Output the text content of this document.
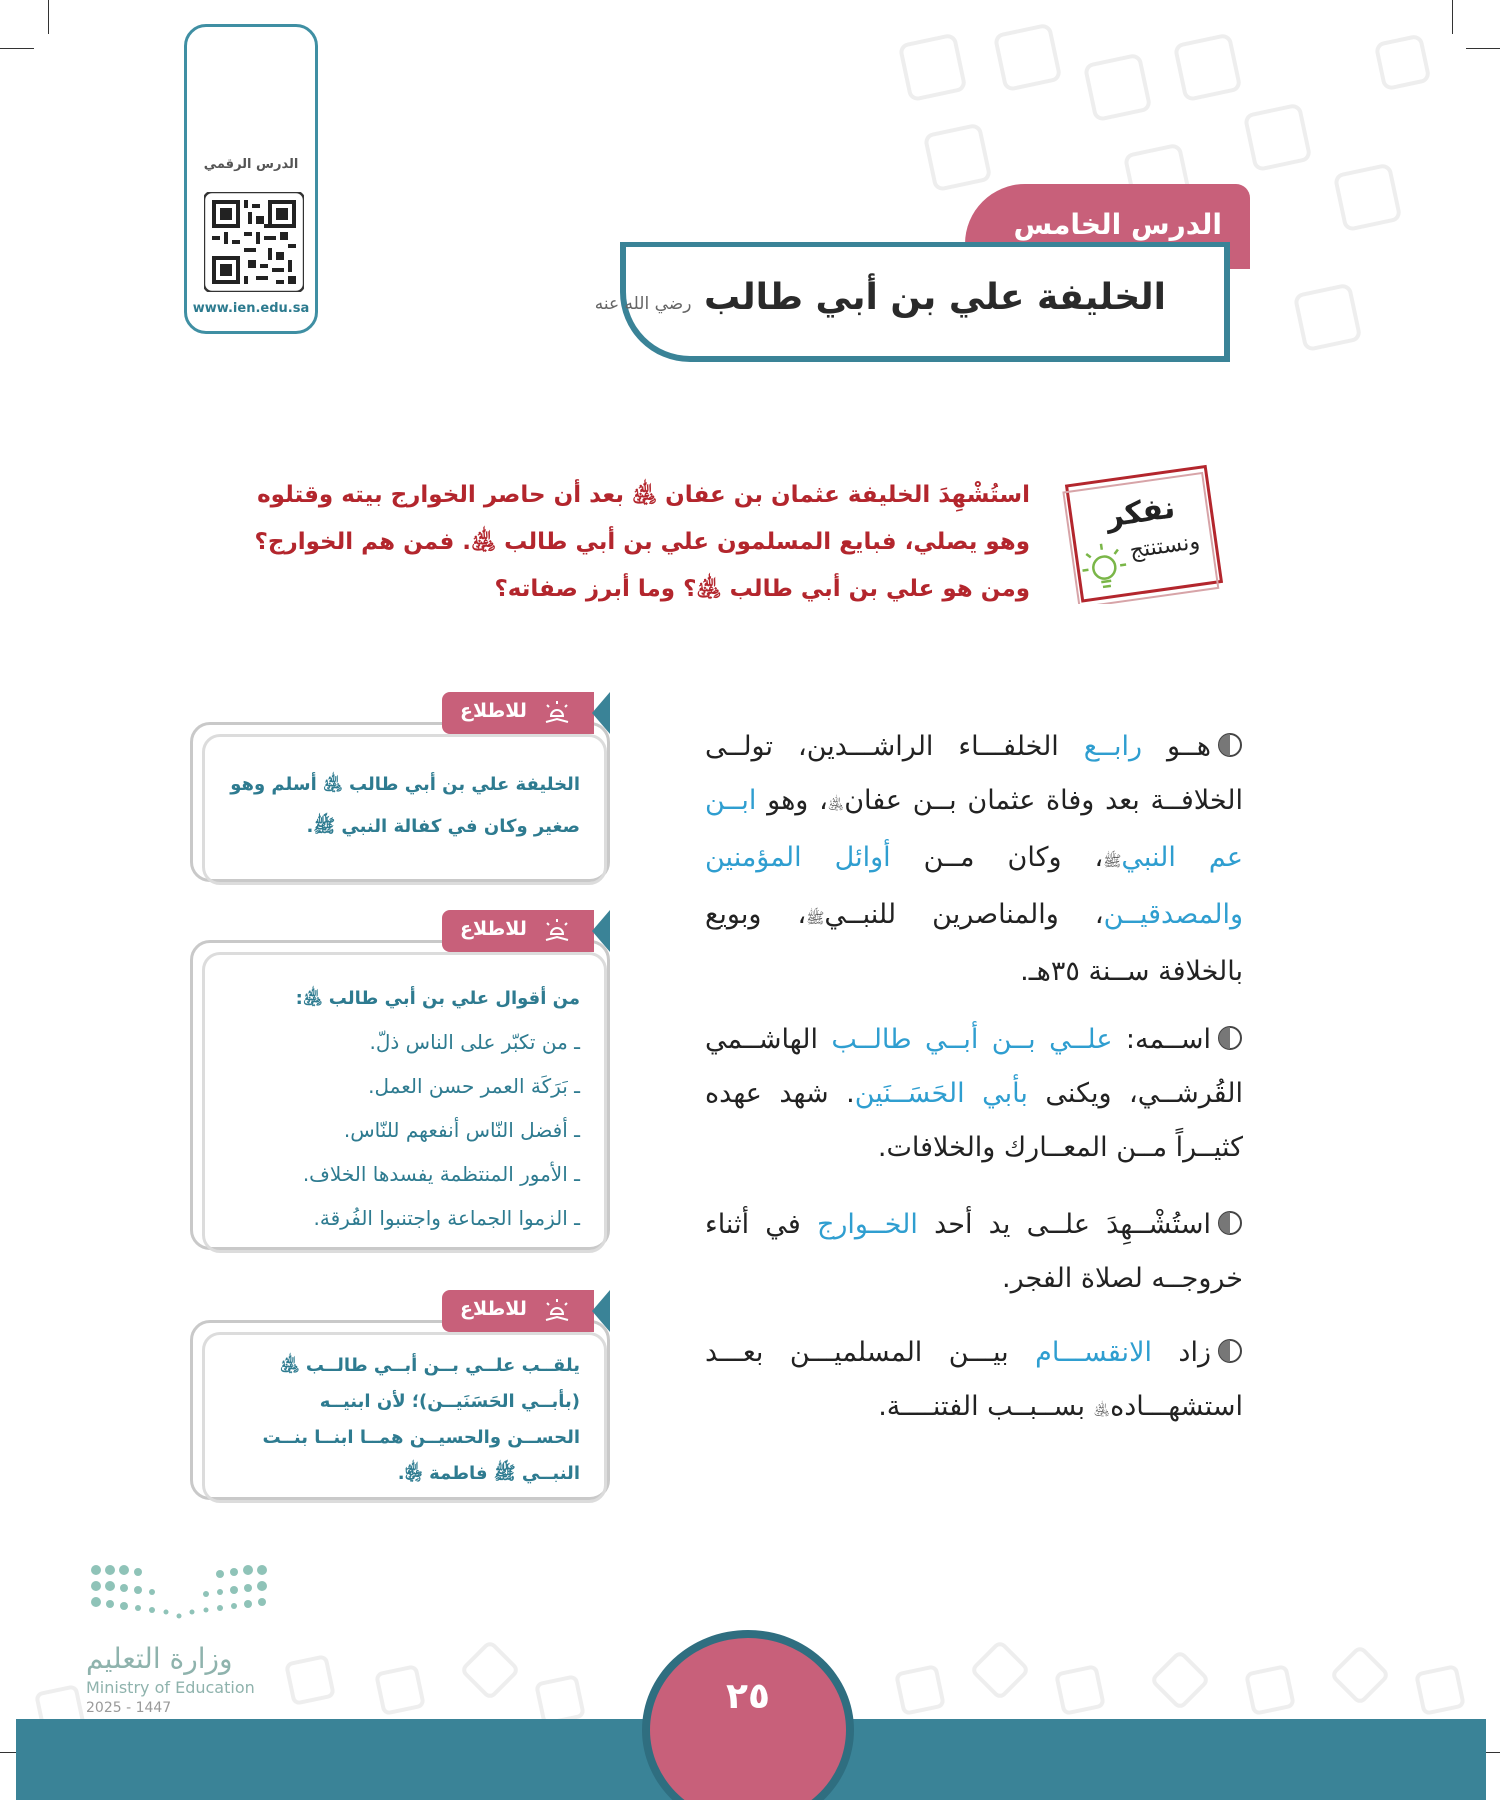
الدرس الرقمي
www.ien.edu.sa
الدرس الخامس
الخليفة علي بن أبي طالب رضي الله عنه
نفكر
ونستنتج
استُشْهِدَ الخليفة عثمان بن عفان ﵁ بعد أن حاصر الخوارج بيته وقتلوه
وهو يصلي، فبايع المسلمون علي بن أبي طالب ﵁. فمن هم الخوارج؟
ومن هو علي بن أبي طالب ﵁؟ وما أبرز صفاته؟
هــو رابــع الخلفـــاء الراشـــدين، تولــى الخلافــة بعد وفاة عثمان بــن عفان﵁، وهو ابــن عم النبيﷺ، وكان مــن أوائل المؤمنين والمصدقيــن، والمناصرين للنبــيﷺ، وبويع بالخلافة ســنة ٣٥هـ.
اســمه: علــي بــن أبــي طالــب الهاشــمي القُرشــي، ويكنى بأبي الحَسَــنَين. شهد عهده كثيــراً مــن المعــارك والخلافات.
استُشْــهِدَ علــى يد أحد الخــوارج في أثناء خروجــه لصلاة الفجر.
زاد الانقســـام بيـــن المسلميـــن بعـــد استشهـــاده﵁ بســبــب الفتنــــة.
للاطلاع
الخليفة علي بن أبي طالب ﵁ أسلم وهو
صغير وكان في كفالة النبي ﷺ.
للاطلاع
من أقوال علي بن أبي طالب ﵁:
ـ من تكبّر على الناس ذلّ.
ـ بَرَكَة العمر حسن العمل.
ـ أفضل النّاس أنفعهم للنّاس.
ـ الأمور المنتظمة يفسدها الخلاف.
ـ الزموا الجماعة واجتنبوا الفُرقة.
للاطلاع
يلقــب علــي بــن أبــي طالــب ﵁
(بأبــي الحَسَنَيــن)؛ لأن ابنيــه
الحســن والحسيــن همــا ابنــا بنــت
النبــي ﷺ فاطمة ﵂.
وزارة التعليم
Ministry of Education
2025 - 1447	٢٥
